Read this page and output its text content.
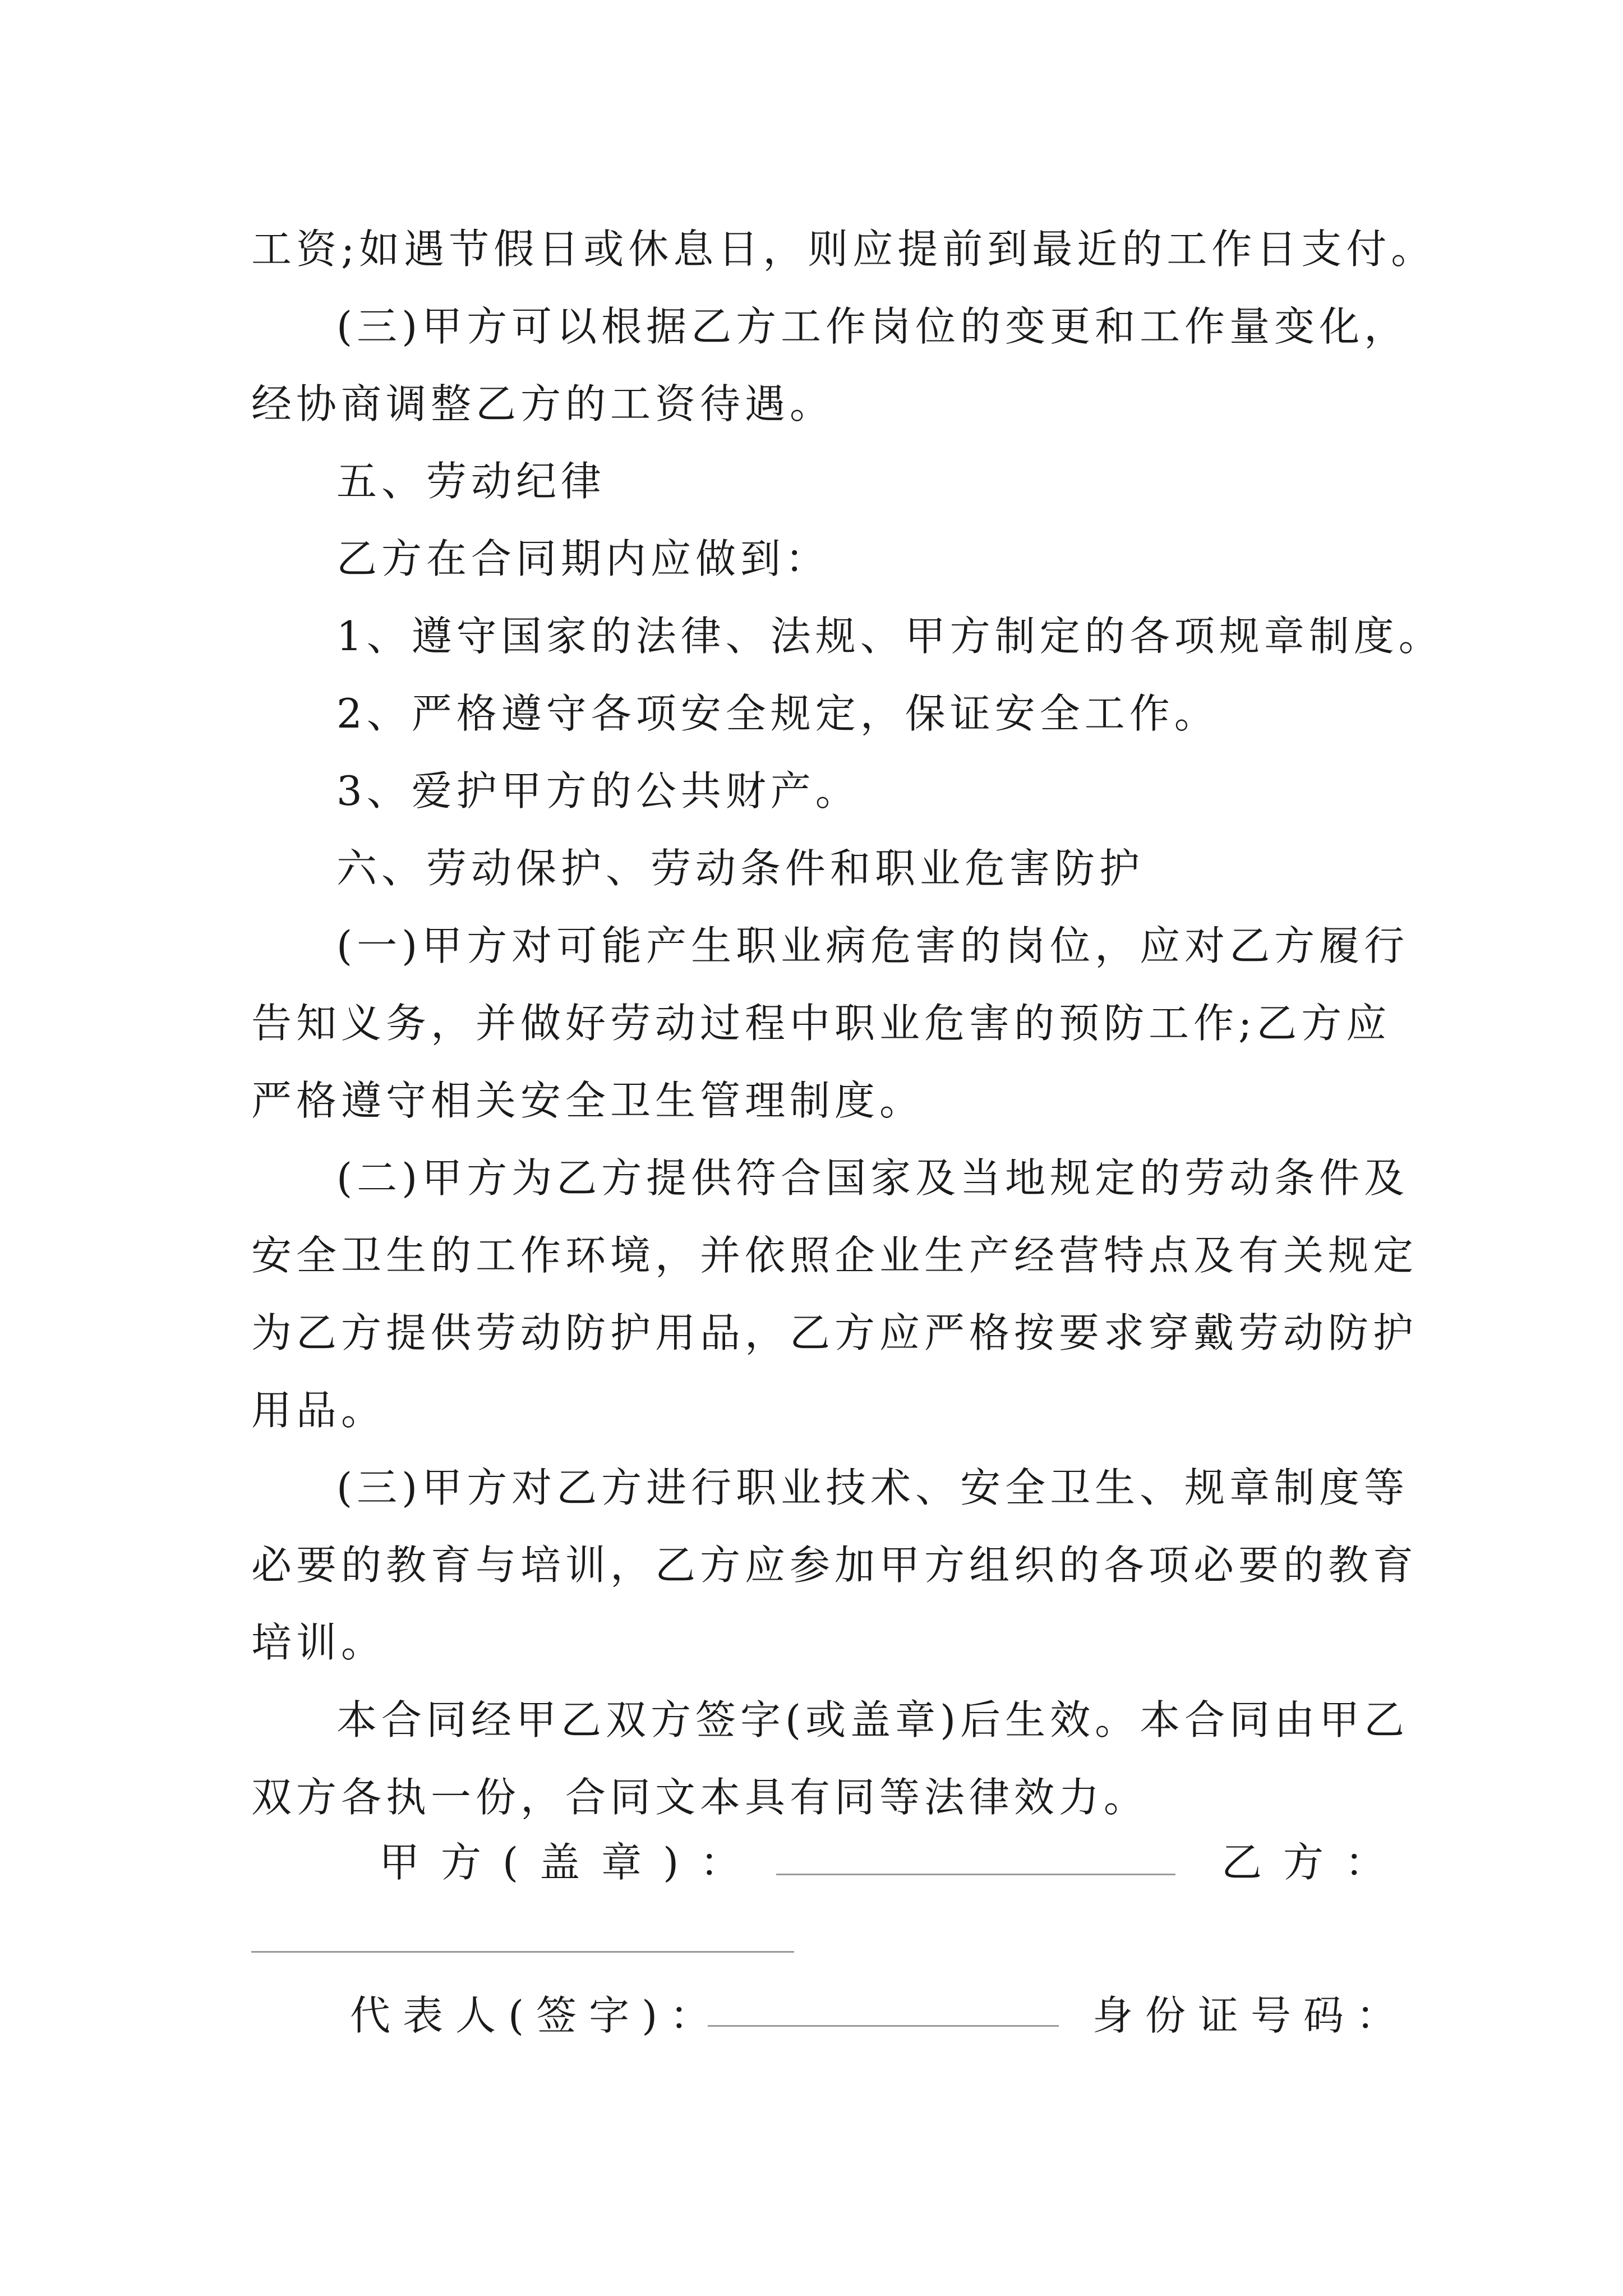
工资;如遇节假日或休息日，则应提前到最近的工作日支付。
(三)甲方可以根据乙方工作岗位的变更和工作量变化，
经协商调整乙方的工资待遇。
五、劳动纪律
乙方在合同期内应做到：
1、遵守国家的法律、法规、甲方制定的各项规章制度。
2、严格遵守各项安全规定，保证安全工作。
3、爱护甲方的公共财产。
六、劳动保护、劳动条件和职业危害防护
(一)甲方对可能产生职业病危害的岗位，应对乙方履行
告知义务，并做好劳动过程中职业危害的预防工作;乙方应
严格遵守相关安全卫生管理制度。
(二)甲方为乙方提供符合国家及当地规定的劳动条件及
安全卫生的工作环境，并依照企业生产经营特点及有关规定
为乙方提供劳动防护用品，乙方应严格按要求穿戴劳动防护
用品。
(三)甲方对乙方进行职业技术、安全卫生、规章制度等
必要的教育与培训，乙方应参加甲方组织的各项必要的教育
培训。
本合同经甲乙双方签字(或盖章)后生效。本合同由甲乙
双方各执一份，合同文本具有同等法律效力。
甲方(盖章)：	乙方：
代表人(签字)：	身份证号码：
